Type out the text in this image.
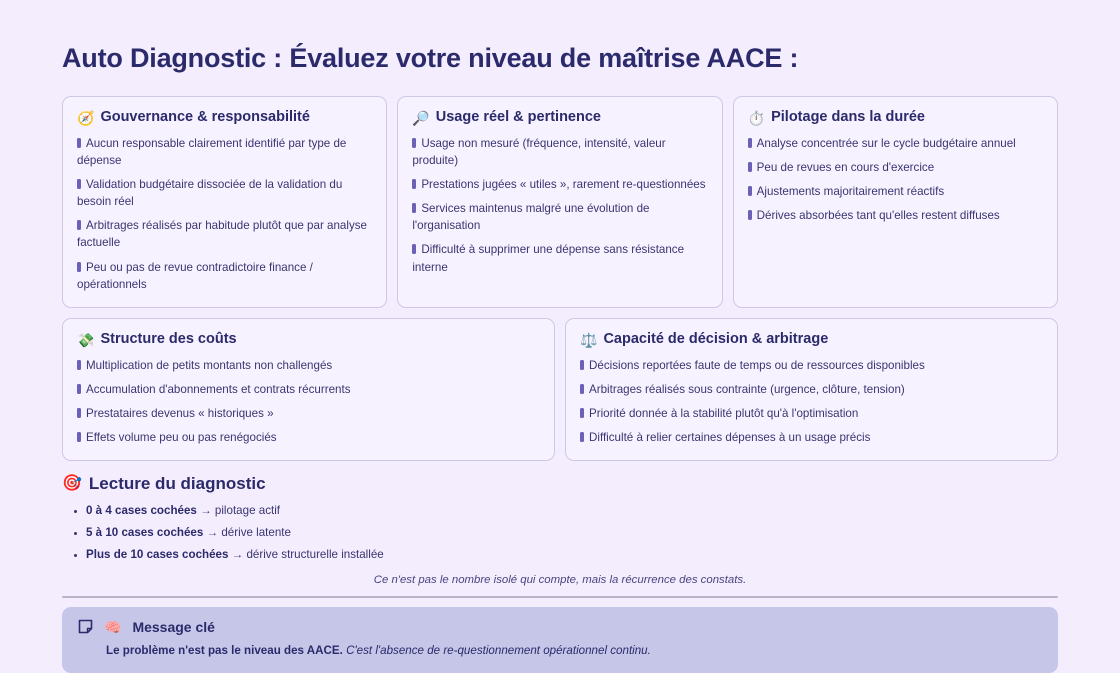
Auto Diagnostic : Évaluez votre niveau de maîtrise AACE :
🧭 Gouvernance & responsabilité
Aucun responsable clairement identifié par type de dépense
Validation budgétaire dissociée de la validation du besoin réel
Arbitrages réalisés par habitude plutôt que par analyse factuelle
Peu ou pas de revue contradictoire finance / opérationnels
🔎 Usage réel & pertinence
Usage non mesuré (fréquence, intensité, valeur produite)
Prestations jugées « utiles », rarement re-questionnées
Services maintenus malgré une évolution de l'organisation
Difficulté à supprimer une dépense sans résistance interne
⏱️ Pilotage dans la durée
Analyse concentrée sur le cycle budgétaire annuel
Peu de revues en cours d'exercice
Ajustements majoritairement réactifs
Dérives absorbées tant qu'elles restent diffuses
💸 Structure des coûts
Multiplication de petits montants non challengés
Accumulation d'abonnements et contrats récurrents
Prestataires devenus « historiques »
Effets volume peu ou pas renégociés
⚖️ Capacité de décision & arbitrage
Décisions reportées faute de temps ou de ressources disponibles
Arbitrages réalisés sous contrainte (urgence, clôture, tension)
Priorité donnée à la stabilité plutôt qu'à l'optimisation
Difficulté à relier certaines dépenses à un usage précis
🎯 Lecture du diagnostic
• 0 à 4 cases cochées → pilotage actif
• 5 à 10 cases cochées → dérive latente
• Plus de 10 cases cochées → dérive structurelle installée

Ce n'est pas le nombre isolé qui compte, mais la récurrence des constats.

🧠 Message clé
Le problème n'est pas le niveau des AACE. C'est l'absence de re-questionnement opérationnel continu.
